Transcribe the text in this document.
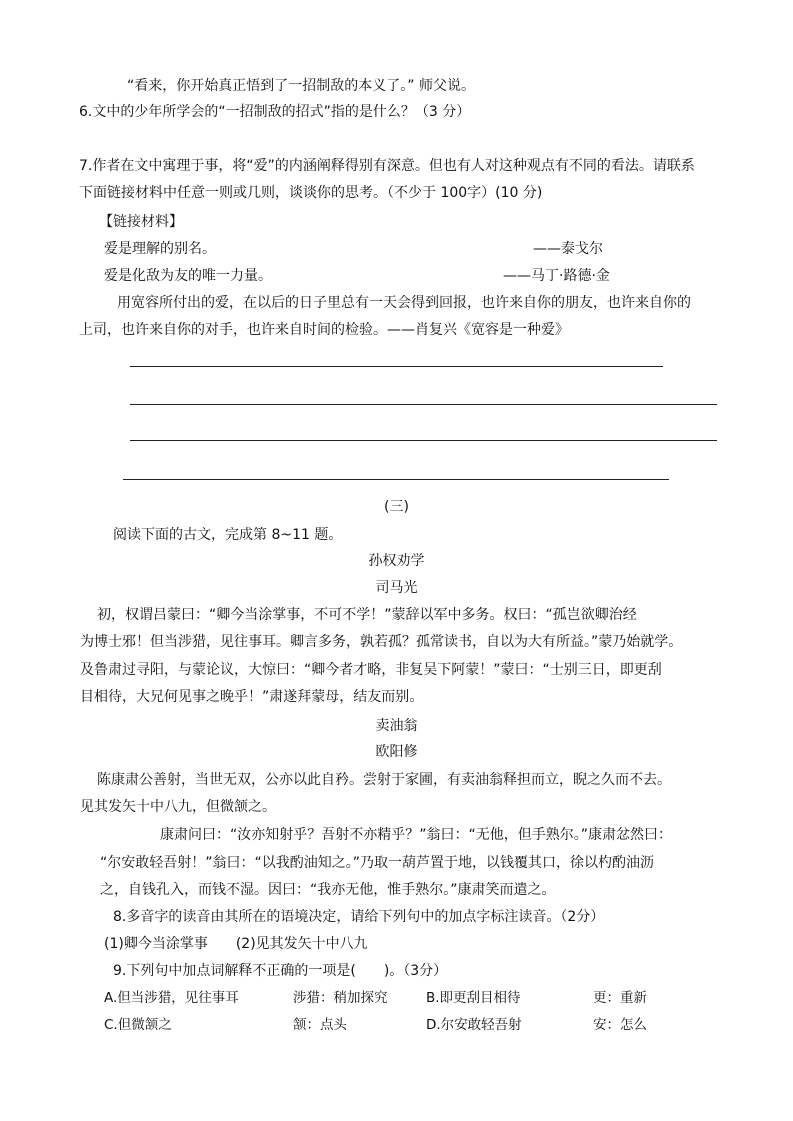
“看来，你开始真正悟到了一招制敌的本义了。” 师父说。
6.文中的少年所学会的“一招制敌的招式”指的是什么？（3 分）
7.作者在文中寓理于事，将“爱”的内涵阐释得别有深意。但也有人对这种观点有不同的看法。请联系
下面链接材料中任意一则或几则，谈谈你的思考。（不少于 100字）(10 分)
【链接材料】
爱是理解的别名。	——泰戈尔
爱是化敌为友的唯一力量。	——马丁·路德·金
用宽容所付出的爱，在以后的日子里总有一天会得到回报，也许来自你的朋友，也许来自你的
上司，也许来自你的对手，也许来自时间的检验。——肖复兴《宽容是一种爱》
(三)
阅读下面的古文，完成第 8~11 题。
孙权劝学
司马光
初，权谓吕蒙曰：“卿今当涂掌事，不可不学！”蒙辞以军中多务。权曰：“孤岂欲卿治经
为博士邪！但当涉猎，见往事耳。卿言多务，孰若孤？孤常读书，自以为大有所益。”蒙乃始就学。
及鲁肃过寻阳，与蒙论议，大惊曰：“卿今者才略，非复吴下阿蒙！”蒙曰：“士别三日，即更刮
目相待，大兄何见事之晚乎！”肃遂拜蒙母，结友而别。
卖油翁
欧阳修
陈康肃公善射，当世无双，公亦以此自矜。尝射于家圃，有卖油翁释担而立，睨之久而不去。
见其发矢十中八九，但微颔之。
康肃问曰：“汝亦知射乎？吾射不亦精乎？”翁曰：“无他，但手熟尔。”康肃忿然曰：
“尔安敢轻吾射！”翁曰：“以我酌油知之。”乃取一葫芦置于地，以钱覆其口，徐以杓酌油沥
之，自钱孔入，而钱不湿。因曰：“我亦无他，惟手熟尔。”康肃笑而遣之。
8.多音字的读音由其所在的语境决定，请给下列句中的加点字标注读音。（2分）
(1)卿今当涂掌事　　(2)见其发矢十中八九
9.下列句中加点词解释不正确的一项是(　　)。（3分）
A.但当涉猎，见往事耳	涉猎：稍加探究	B.即更刮目相待	更：重新
C.但微颔之	颔：点头	D.尔安敢轻吾射	安：怎么
